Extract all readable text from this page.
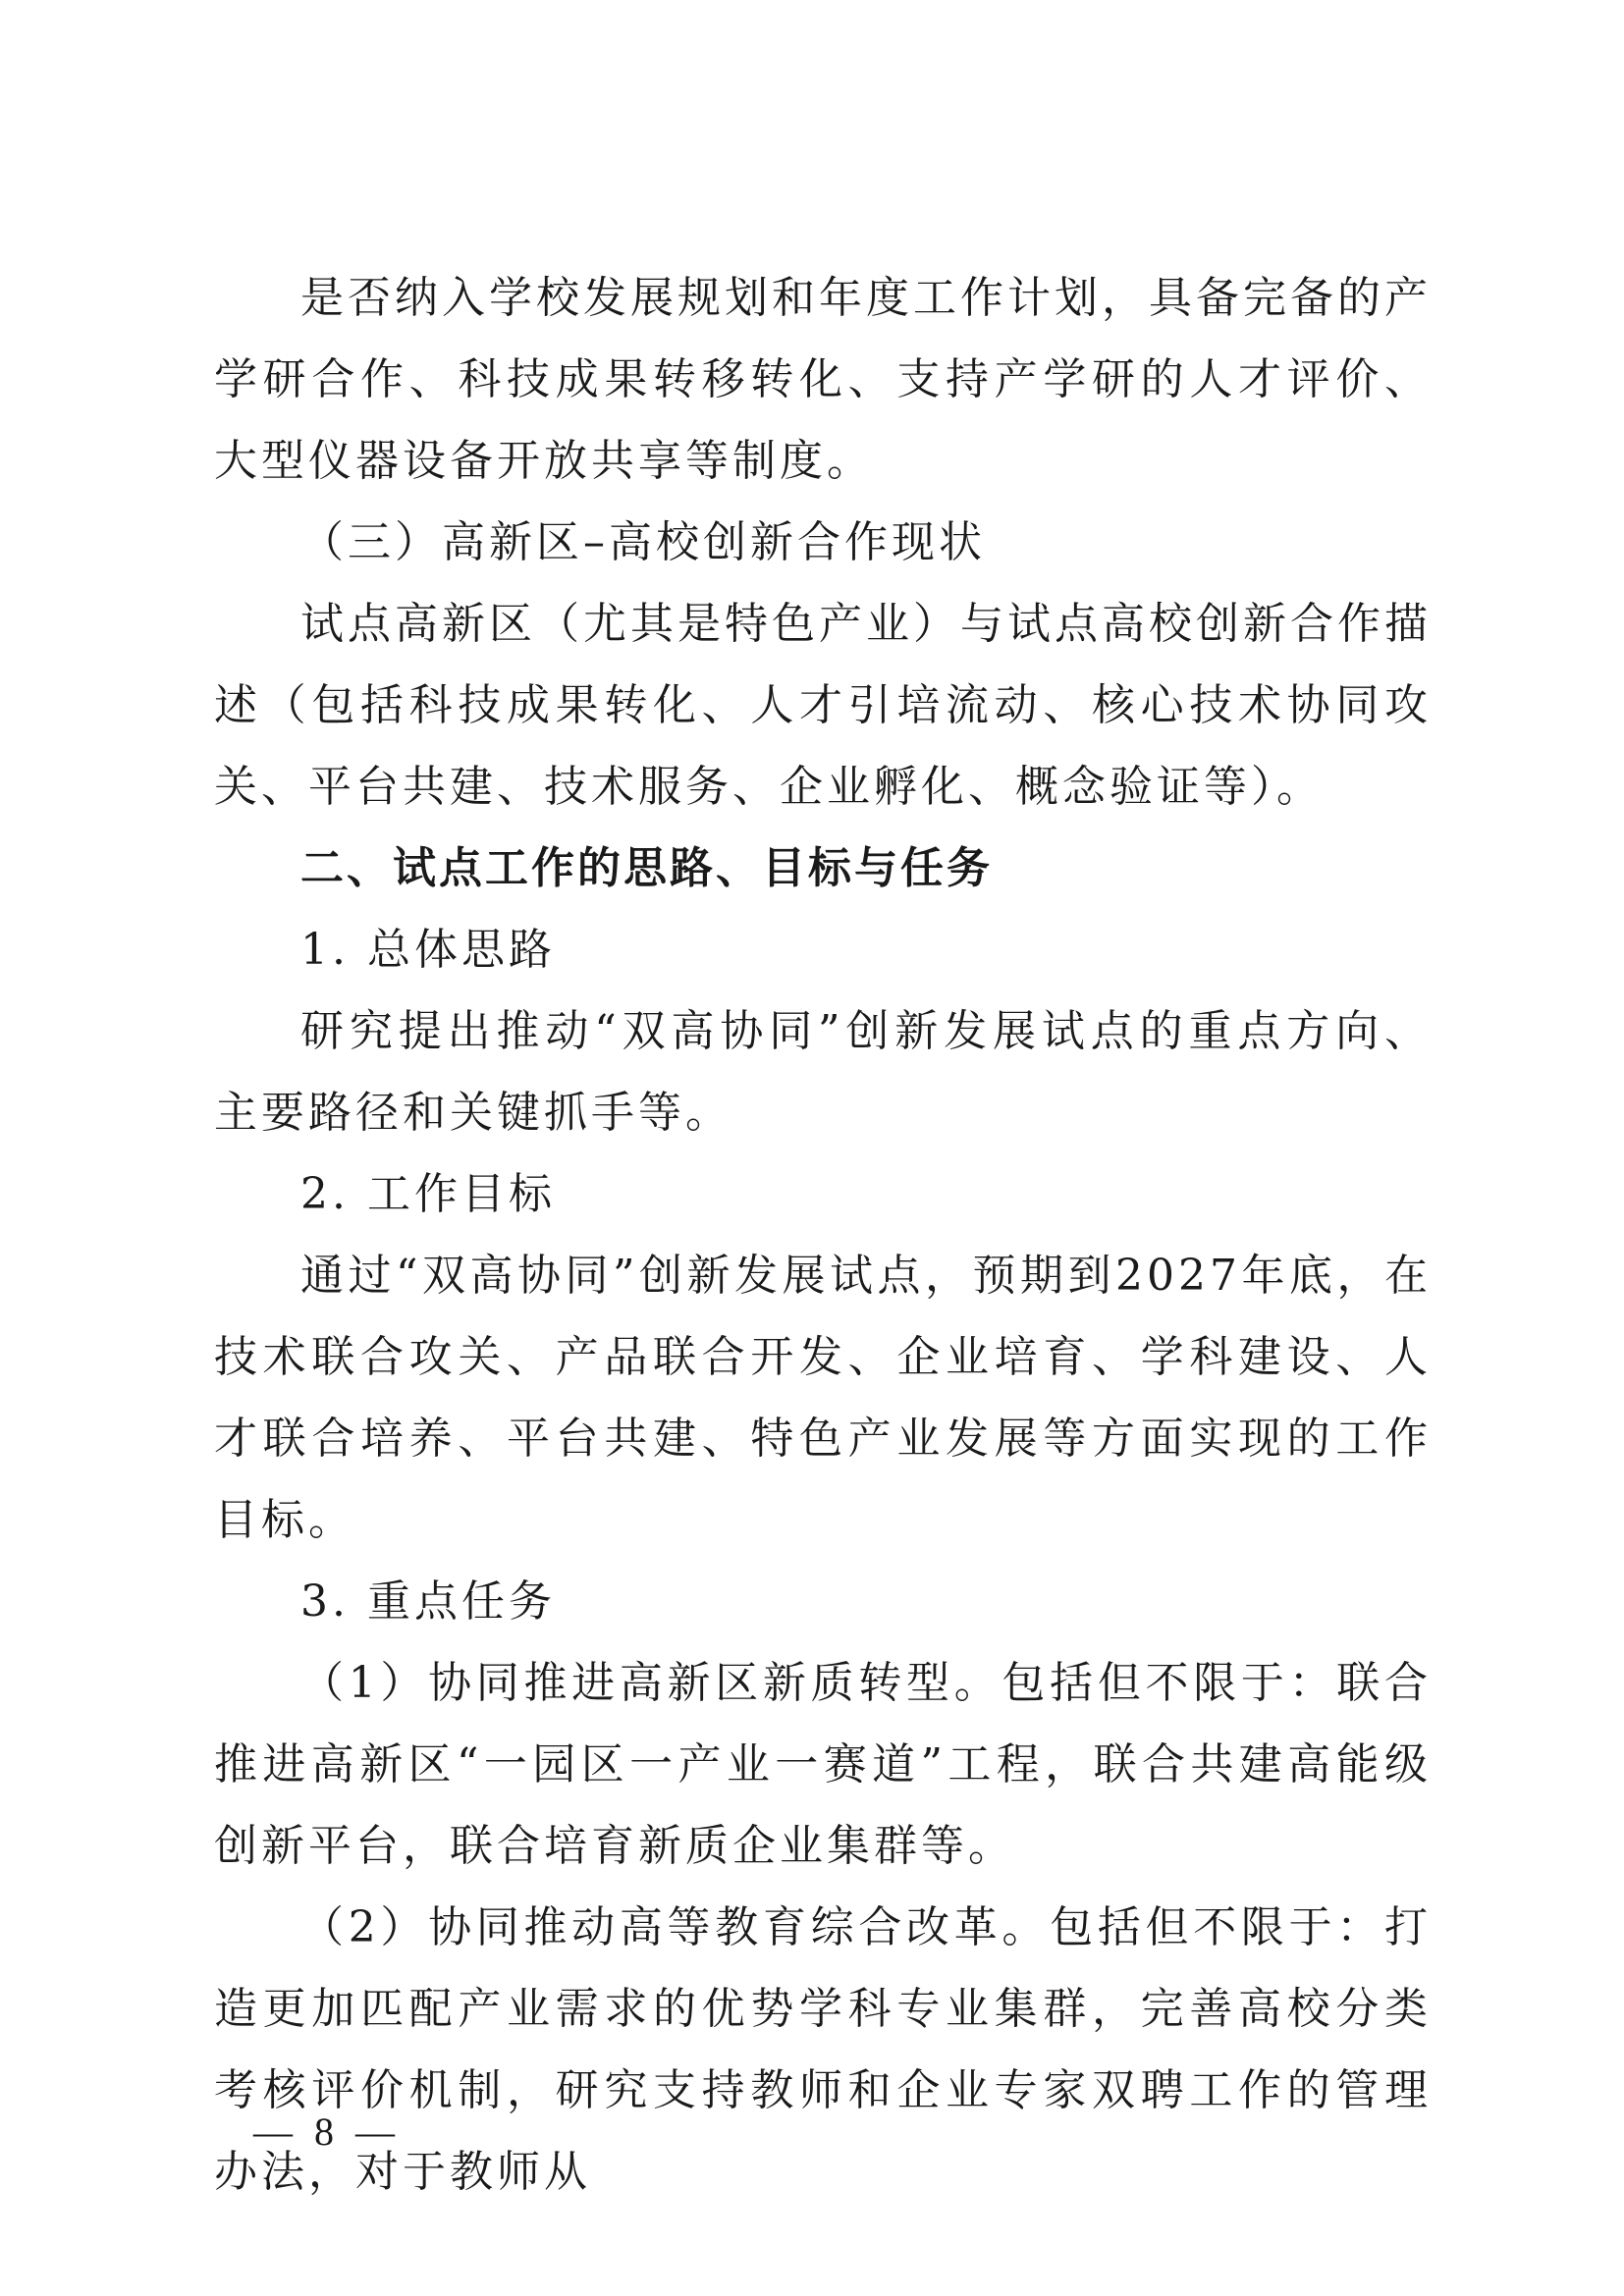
是否纳入学校发展规划和年度工作计划，具备完备的产学研合作、科技成果转移转化、支持产学研的人才评价、大型仪器设备开放共享等制度。

（三）高新区–高校创新合作现状

试点高新区（尤其是特色产业）与试点高校创新合作描述（包括科技成果转化、人才引培流动、核心技术协同攻关、平台共建、技术服务、企业孵化、概念验证等）。

二、试点工作的思路、目标与任务

1. 总体思路

研究提出推动“双高协同”创新发展试点的重点方向、主要路径和关键抓手等。

2. 工作目标

通过“双高协同”创新发展试点，预期到2027年底，在技术联合攻关、产品联合开发、企业培育、学科建设、人才联合培养、平台共建、特色产业发展等方面实现的工作目标。

3. 重点任务

（1）协同推进高新区新质转型。包括但不限于：联合推进高新区“一园区一产业一赛道”工程，联合共建高能级创新平台，联合培育新质企业集群等。

（2）协同推动高等教育综合改革。包括但不限于：打造更加匹配产业需求的优势学科专业集群，完善高校分类考核评价机制，研究支持教师和企业专家双聘工作的管理办法，对于教师从

— 8 —
